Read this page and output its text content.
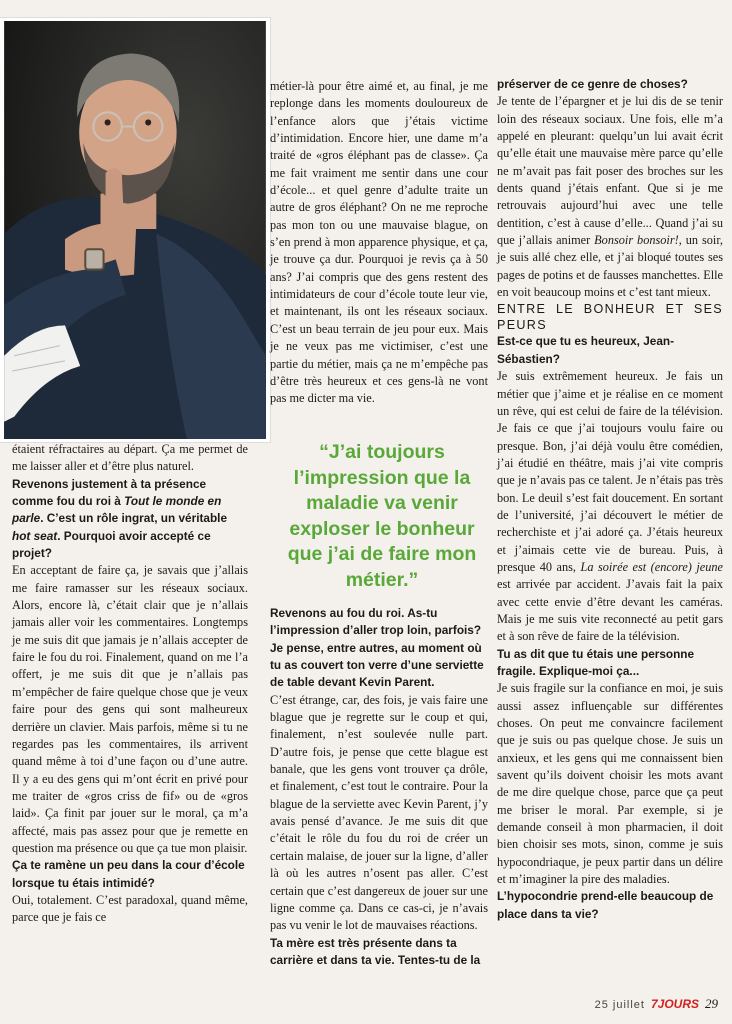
étaient réfractaires au départ. Ça me permet de me laisser aller et d’être plus naturel.

Revenons justement à ta présence comme fou du roi à Tout le monde en parle. C’est un rôle ingrat, un véritable hot seat. Pourquoi avoir accepté ce projet?

En acceptant de faire ça, je savais que j’allais me faire ramasser sur les réseaux sociaux. Alors, encore là, c’était clair que je n’allais jamais aller voir les commentaires. Longtemps je me suis dit que jamais je n’allais accepter de faire le fou du roi. Finalement, quand on me l’a offert, je me suis dit que je n’allais pas m’empêcher de faire quelque chose que je veux faire pour des gens qui sont malheureux derrière un clavier. Mais parfois, même si tu ne regardes pas les commentaires, ils arrivent quand même à toi d’une façon ou d’une autre. Il y a eu des gens qui m’ont écrit en privé pour me traiter de «gros criss de fif» ou de «gros laid». Ça finit par jouer sur le moral, ça m’a affecté, mais pas assez pour que je remette en question ma présence ou que ça tue mon plaisir.

Ça te ramène un peu dans la cour d’école lorsque tu étais intimidé?

Oui, totalement. C’est paradoxal, quand même, parce que je fais ce

métier-là pour être aimé et, au final, je me replonge dans les moments douloureux de l’enfance alors que j’étais victime d’intimidation. Encore hier, une dame m’a traité de «gros éléphant pas de classe». Ça me fait vraiment me sentir dans une cour d’école... et quel genre d’adulte traite un autre de gros éléphant? On ne me reproche pas mon ton ou une mauvaise blague, on s’en prend à mon apparence physique, et ça, je trouve ça dur. Pourquoi je revis ça à 50 ans? J’ai compris que des gens restent des intimidateurs de cour d’école toute leur vie, et maintenant, ils ont les réseaux sociaux. C’est un beau terrain de jeu pour eux. Mais je ne veux pas me victimiser, c’est une partie du métier, mais ça ne m’empêche pas d’être très heureux et ces gens-là ne vont pas me dicter ma vie.

“J’ai toujours l’impression que la maladie va venir exploser le bonheur que j’ai de faire mon métier.”

Revenons au fou du roi. As-tu l’impression d’aller trop loin, parfois? Je pense, entre autres, au moment où tu as couvert ton verre d’une serviette de table devant Kevin Parent.

C’est étrange, car, des fois, je vais faire une blague que je regrette sur le coup et qui, finalement, n’est soulevée nulle part. D’autre fois, je pense que cette blague est banale, que les gens vont trouver ça drôle, et finalement, c’est tout le contraire. Pour la blague de la serviette avec Kevin Parent, j’y avais pensé d’avance. Je me suis dit que c’était le rôle du fou du roi de créer un certain malaise, de jouer sur la ligne, d’aller là où les autres n’osent pas aller. C’est certain que c’est dangereux de jouer sur une ligne comme ça. Dans ce cas-ci, je n’avais pas vu venir le lot de mauvaises réactions.

Ta mère est très présente dans ta carrière et dans ta vie. Tentes-tu de la

préserver de ce genre de choses?

Je tente de l’épargner et je lui dis de se tenir loin des réseaux sociaux. Une fois, elle m’a appelé en pleurant: quelqu’un lui avait écrit qu’elle était une mauvaise mère parce qu’elle ne m’avait pas fait poser des broches sur les dents quand j’étais enfant. Que si je me retrouvais aujourd’hui avec une telle dentition, c’est à cause d’elle... Quand j’ai su que j’allais animer Bonsoir bonsoir!, un soir, je suis allé chez elle, et j’ai bloqué toutes ses pages de potins et de fausses manchettes. Elle en voit beaucoup moins et c’est tant mieux.

ENTRE LE BONHEUR ET SES PEURS

Est-ce que tu es heureux, Jean-Sébastien?

Je suis extrêmement heureux. Je fais un métier que j’aime et je réalise en ce moment un rêve, qui est celui de faire de la télévision. Je fais ce que j’ai toujours voulu faire ou presque. Bon, j’ai déjà voulu être comédien, j’ai étudié en théâtre, mais j’ai vite compris que je n’avais pas ce talent. Je n’étais pas très bon. Le deuil s’est fait doucement. En sortant de l’université, j’ai découvert le métier de recherchiste et j’ai adoré ça. J’étais heureux et j’aimais cette vie de bureau. Puis, à presque 40 ans, La soirée est (encore) jeune est arrivée par accident. J’avais fait la paix avec cette envie d’être devant les caméras. Mais je me suis vite reconnecté au petit gars et à son rêve de faire de la télévision.

Tu as dit que tu étais une personne fragile. Explique-moi ça...

Je suis fragile sur la confiance en moi, je suis aussi assez influençable sur différentes choses. On peut me convaincre facilement que je suis ou pas quelque chose. Je suis un anxieux, et les gens qui me connaissent bien savent qu’ils doivent choisir les mots avant de me dire quelque chose, parce que ça peut me briser le moral. Par exemple, si je demande conseil à mon pharmacien, il doit bien choisir ses mots, sinon, comme je suis hypocondriaque, je peux partir dans un délire et m’imaginer la pire des maladies.

L’hypocondrie prend-elle beaucoup de place dans ta vie?

25 juillet 7JOURS 29
